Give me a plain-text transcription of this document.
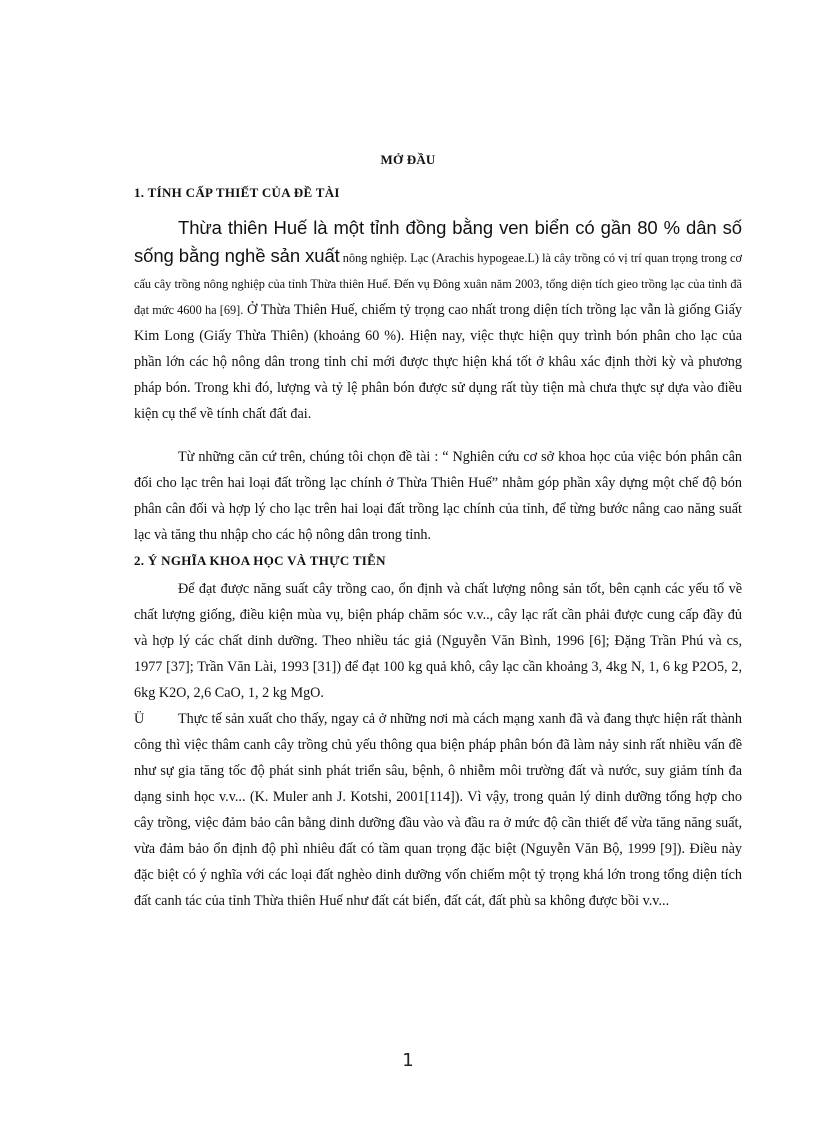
MỞ ĐẦU
1. TÍNH CẤP THIẾT CỦA ĐỀ TÀI

Thừa thiên Huế là một tỉnh đồng bằng ven biển có gần 80 % dân số sống bằng nghề sản xuất nông nghiệp. Lạc (Arachis hypogeae.L) là cây trồng có vị trí quan trọng trong cơ cấu cây trồng nông nghiệp của tỉnh Thừa thiên Huế. Đến vụ Đông xuân năm 2003, tổng diện tích gieo trồng lạc của tỉnh đã đạt mức 4600 ha [69]. Ở Thừa Thiên Huế, chiếm tỷ trọng cao nhất trong diện tích trồng lạc vẫn là giống Giấy Kim Long (Giấy Thừa Thiên) (khoảng 60 %). Hiện nay, việc thực hiện quy trình bón phân cho lạc của phần lớn các hộ nông dân trong tỉnh chỉ mới được thực hiện khá tốt ở khâu xác định thời kỳ và phương pháp bón. Trong khi đó, lượng và tỷ lệ phân bón được sử dụng rất tùy tiện mà chưa thực sự dựa vào điều kiện cụ thể về tính chất đất đai.

Từ những căn cứ trên, chúng tôi chọn đề tài : “ Nghiên cứu cơ sở khoa học của việc bón phân cân đối cho lạc trên hai loại đất trồng lạc chính ở Thừa Thiên Huế” nhằm góp phần xây dựng một chế độ bón phân cân đối và hợp lý cho lạc trên hai loại đất trồng lạc chính của tỉnh, để từng bước nâng cao năng suất lạc và tăng thu nhập cho các hộ nông dân trong tỉnh.

2. Ý NGHĨA KHOA HỌC VÀ THỰC TIỄN

Để đạt được năng suất cây trồng cao, ổn định và chất lượng nông sản tốt, bên cạnh các yếu tố về chất lượng giống, điều kiện mùa vụ, biện pháp chăm sóc v.v.., cây lạc rất cần phải được cung cấp đầy đủ và hợp lý các chất dinh dưỡng. Theo nhiều tác giả (Nguyễn Văn Bình, 1996 [6]; Đặng Trần Phú và cs, 1977 [37]; Trần Văn Lài, 1993 [31]) để đạt 100 kg quả khô, cây lạc cần khoảng 3, 4kg N, 1, 6 kg P2O5, 2, 6kg K2O, 2,6 CaO, 1, 2 kg MgO.

Ü Thực tế sản xuất cho thấy, ngay cả ở những nơi mà cách mạng xanh đã và đang thực hiện rất thành công thì việc thâm canh cây trồng chủ yếu thông qua biện pháp phân bón đã làm nảy sinh rất nhiều vấn đề như sự gia tăng tốc độ phát sinh phát triển sâu, bệnh, ô nhiễm môi trường đất và nước, suy giảm tính đa dạng sinh học v.v... (K. Muler anh J. Kotshi, 2001[114]). Vì vậy, trong quản lý dinh dưỡng tổng hợp cho cây trồng, việc đảm bảo cân bằng dinh dưỡng đầu vào và đầu ra ở mức độ cần thiết để vừa tăng năng suất, vừa đảm bảo ổn định độ phì nhiêu đất có tầm quan trọng đặc biệt (Nguyễn Văn Bộ, 1999 [9]). Điều này đặc biệt có ý nghĩa với các loại đất nghèo dinh dưỡng vốn chiếm một tỷ trọng khá lớn trong tổng diện tích đất canh tác của tỉnh Thừa thiên Huế như đất cát biển, đất cát, đất phù sa không được bồi v.v...

1
